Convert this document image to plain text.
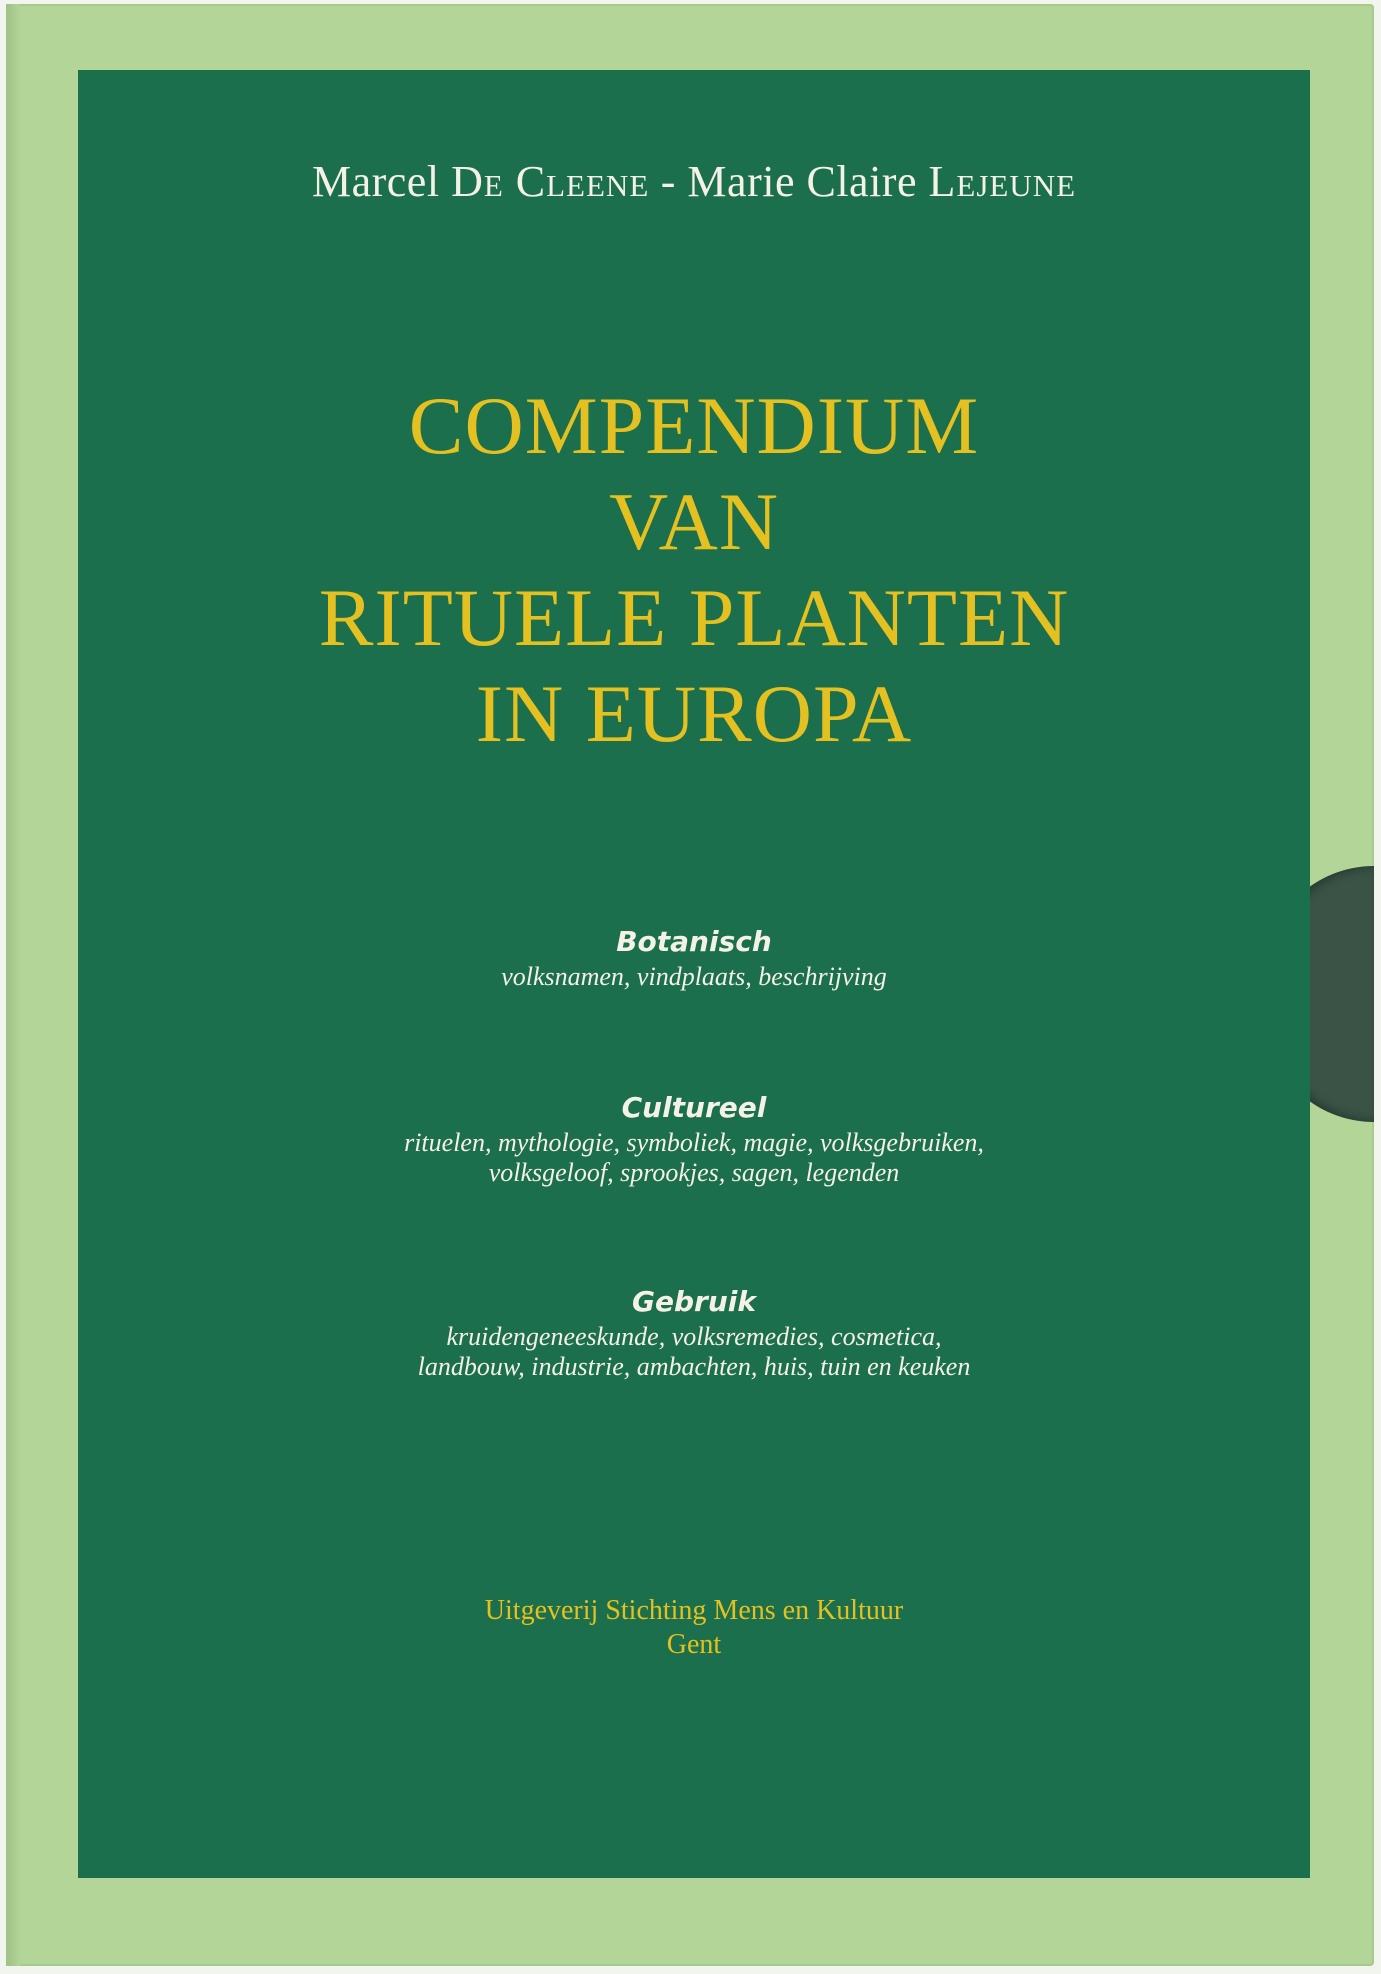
Marcel De Cleene - Marie Claire Lejeune
COMPENDIUM
VAN
RITUELE PLANTEN
IN EUROPA
Botanisch
volksnamen, vindplaats, beschrijving
Cultureel
rituelen, mythologie, symboliek, magie, volksgebruiken,
volksgeloof, sprookjes, sagen, legenden
Gebruik
kruidengeneeskunde, volksremedies, cosmetica,
landbouw, industrie, ambachten, huis, tuin en keuken
Uitgeverij Stichting Mens en Kultuur
Gent
